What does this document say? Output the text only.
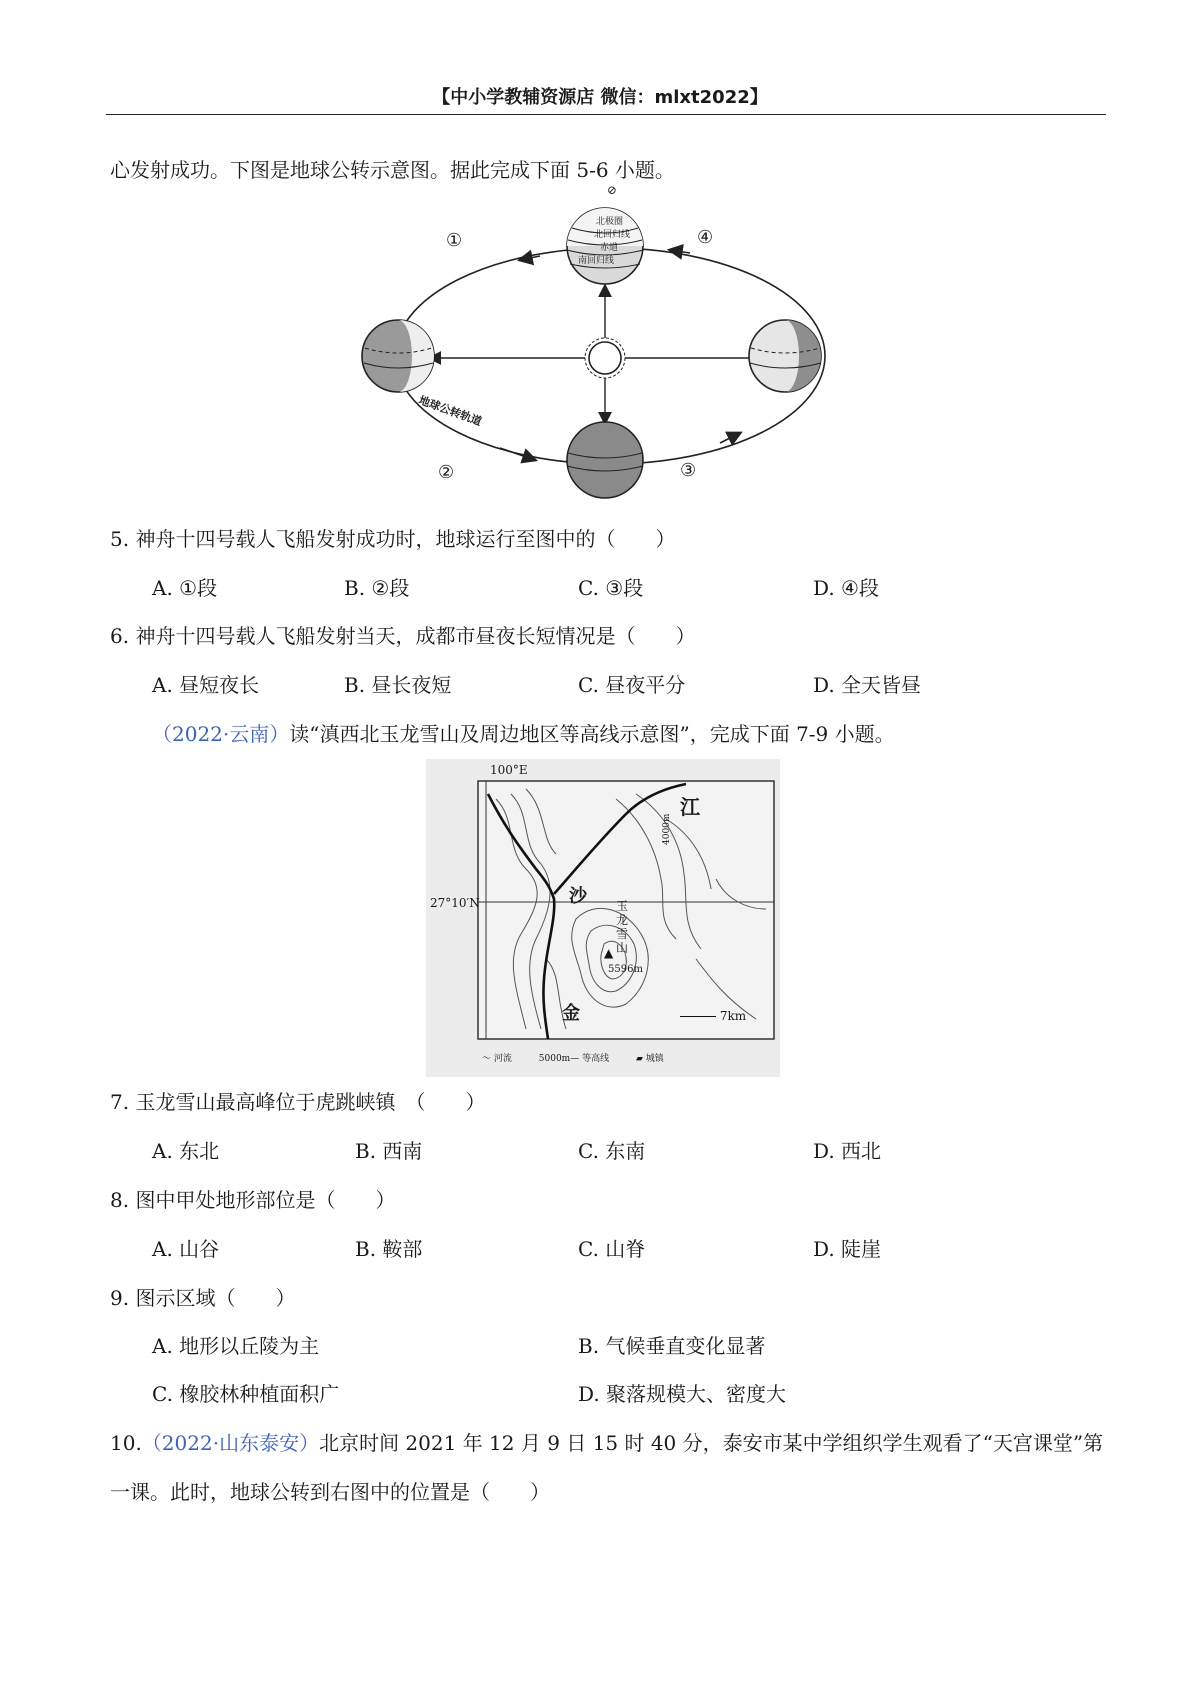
【中小学教辅资源店 微信：mlxt2022】
心发射成功。下图是地球公转示意图。据此完成下面 5-6 小题。
北极圈
北回归线
赤道
南回归线
⊘
①
②	③
④
地球公转轨道
5. 神舟十四号载人飞船发射成功时，地球运行至图中的（　　）
A. ①段	B. ②段	C. ③段	D. ④段
6. 神舟十四号载人飞船发射当天，成都市昼夜长短情况是（　　）
A. 昼短夜长	B. 昼长夜短	C. 昼夜平分	D. 全天皆昼
（2022·云南）读“滇西北玉龙雪山及周边地区等高线示意图”，完成下面 7-9 小题。
▲
100°E
27°10′N
江
沙
金
4000m
玉龙雪山
5596m
7km
〜 河流	5000m— 等高线	▰ 城镇
7. 玉龙雪山最高峰位于虎跳峡镇　（　　）
A. 东北	B. 西南	C. 东南	D. 西北
8. 图中甲处地形部位是（　　）
A. 山谷	B. 鞍部	C. 山脊	D. 陡崖
9. 图示区域（　　）
A. 地形以丘陵为主	B. 气候垂直变化显著
C. 橡胶林种植面积广	D. 聚落规模大、密度大
10.（2022·山东泰安）北京时间 2021 年 12 月 9 日 15 时 40 分，泰安市某中学组织学生观看了“天宫课堂”第
一课。此时，地球公转到右图中的位置是（　　）
